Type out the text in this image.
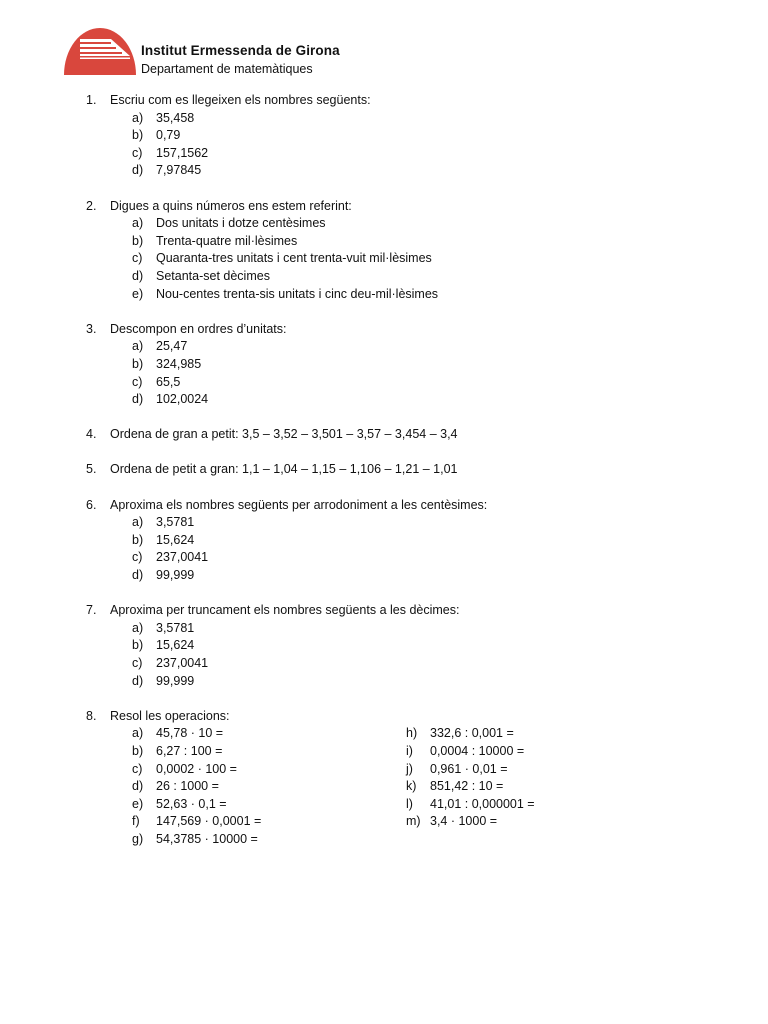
Institut Ermessenda de Girona
Departament de matemàtiques
1.	Escriu com es llegeixen els nombres següents:
a)	35,458
b)	0,79
c)	157,1562
d)	7,97845
2.	Digues a quins números ens estem referint:
a)	Dos unitats i dotze centèsimes
b)	Trenta-quatre mil·lèsimes
c)	Quaranta-tres unitats i cent trenta-vuit mil·lèsimes
d)	Setanta-set dècimes
e)	Nou-centes trenta-sis unitats i cinc deu-mil·lèsimes
3.	Descompon en ordres d’unitats:
a)	25,47
b)	324,985
c)	65,5
d)	102,0024
4.	Ordena de gran a petit: 3,5 – 3,52 – 3,501 – 3,57 – 3,454 – 3,4
5.	Ordena de petit a gran: 1,1 – 1,04 – 1,15 – 1,106 – 1,21 – 1,01
6.	Aproxima els nombres següents per arrodoniment a les centèsimes:
a)	3,5781
b)	15,624
c)	237,0041
d)	99,999
7.	Aproxima per truncament els nombres següents a les dècimes:
a)	3,5781
b)	15,624
c)	237,0041
d)	99,999
8.	Resol les operacions:
a)	45,78 · 10 =
b)	6,27 : 100 =
c)	0,0002 · 100 =
d)	26 : 1000 =
e)	52,63 · 0,1 =
f)	147,569 · 0,0001 =
g)	54,3785 · 10000 =
h)	332,6 : 0,001 =
i)	0,0004 : 10000 =
j)	0,961 · 0,01 =
k)	851,42 : 10 =
l)	41,01 : 0,000001 =
m) 3,4 · 1000 =
